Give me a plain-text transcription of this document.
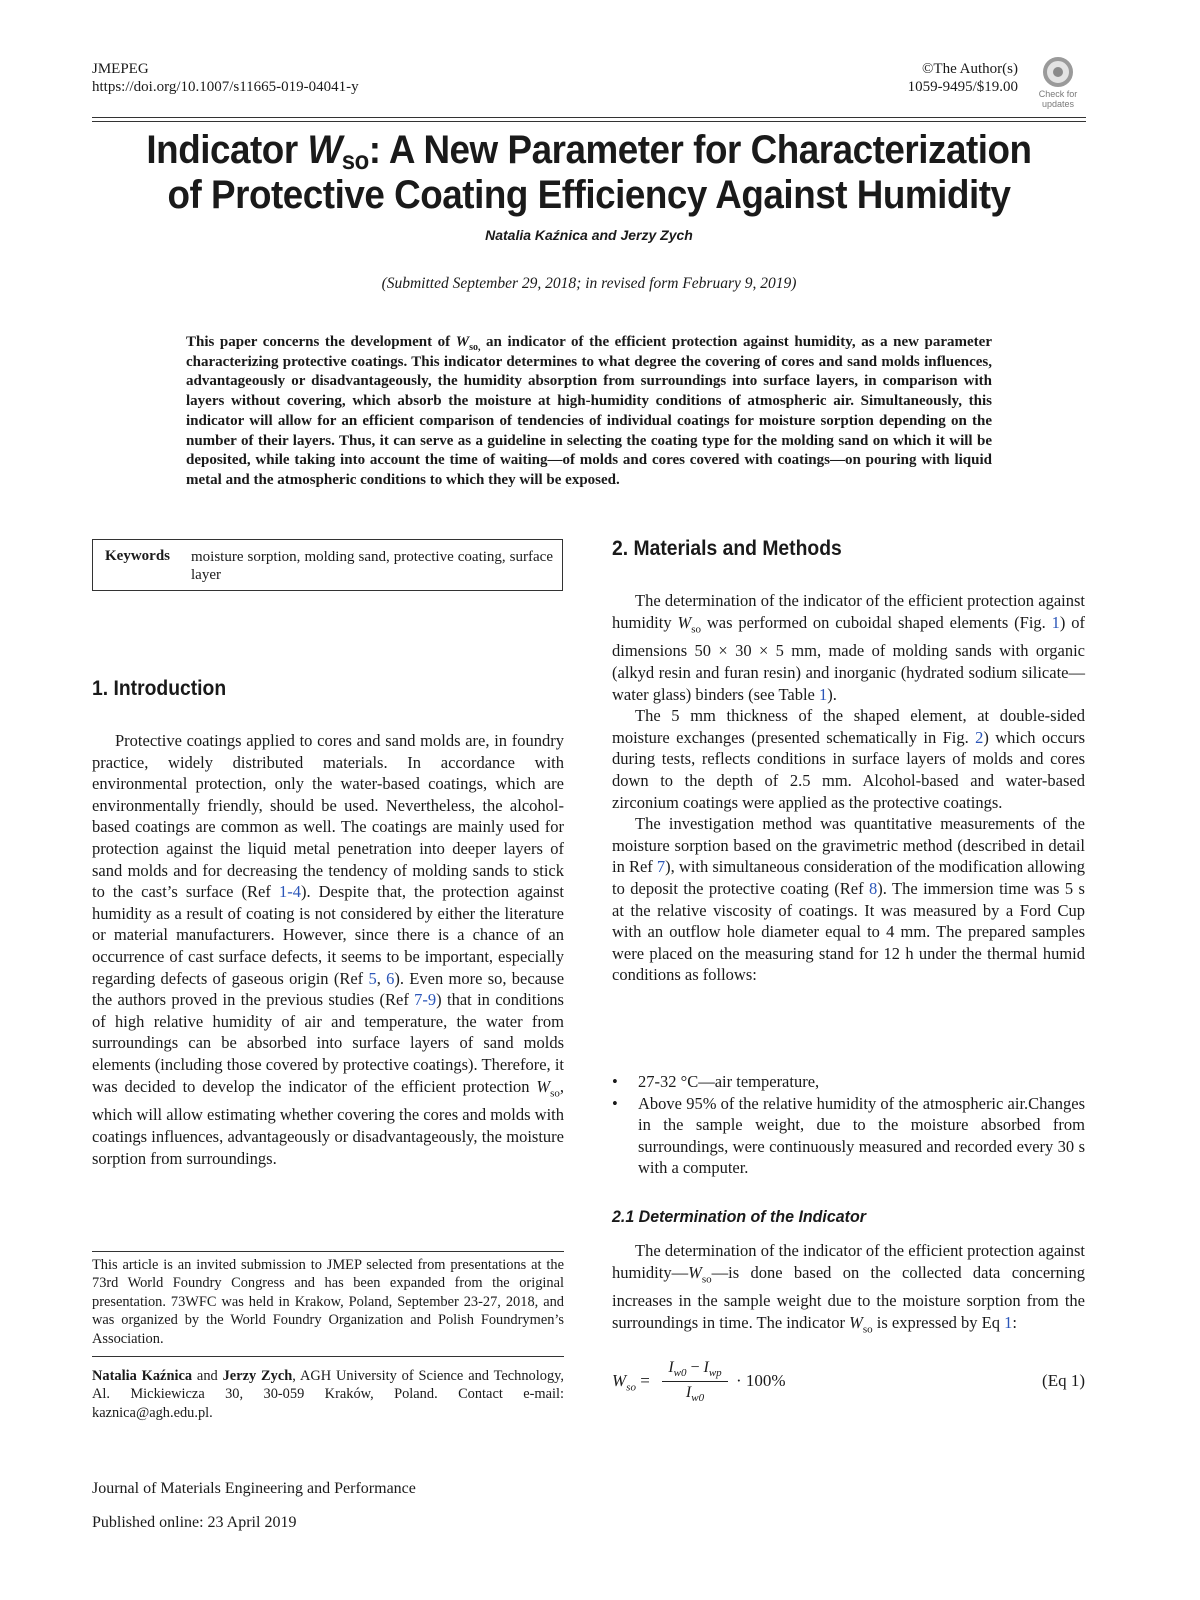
JMEPEG
https://doi.org/10.1007/s11665-019-04041-y
©The Author(s)
1059-9495/$19.00	Check for
updates
Indicator $W_{so}$: A New Parameter for Characterization
of Protective Coating Efficiency Against Humidity
Natalia Kaźnica and Jerzy Zych
(Submitted September 29, 2018; in revised form February 9, 2019)
This paper concerns the development of $W_{so,}$ an indicator of the efficient protection against humidity, as a new parameter characterizing protective coatings. This indicator determines to what degree the covering of cores and sand molds influences, advantageously or disadvantageously, the humidity absorption from surroundings into surface layers, in comparison with layers without covering, which absorb the moisture at high-humidity conditions of atmospheric air. Simultaneously, this indicator will allow for an efficient comparison of tendencies of individual coatings for moisture sorption depending on the number of their layers. Thus, it can serve as a guideline in selecting the coating type for the molding sand on which it will be deposited, while taking into account the time of waiting—of molds and cores covered with coatings—on pouring with liquid metal and the atmospheric conditions to which they will be exposed.
Keywords moisture sorption, molding sand, protective coating, surface layer
1. Introduction

Protective coatings applied to cores and sand molds are, in foundry practice, widely distributed materials. In accordance with environmental protection, only the water-based coatings, which are environmentally friendly, should be used. Nevertheless, the alcohol-based coatings are common as well. The coatings are mainly used for protection against the liquid metal penetration into deeper layers of sand molds and for decreasing the tendency of molding sands to stick to the cast’s surface (Ref 1-4). Despite that, the protection against humidity as a result of coating is not considered by either the literature or material manufacturers. However, since there is a chance of an occurrence of cast surface defects, it seems to be important, especially regarding defects of gaseous origin (Ref 5, 6). Even more so, because the authors proved in the previous studies (Ref 7-9) that in conditions of high relative humidity of air and temperature, the water from surroundings can be absorbed into surface layers of sand molds elements (including those covered by protective coatings). Therefore, it was decided to develop the indicator of the efficient protection $W_{so}$, which will allow estimating whether covering the cores and molds with coatings influences, advantageously or disadvantageously, the moisture sorption from surroundings.

This article is an invited submission to JMEP selected from presentations at the 73rd World Foundry Congress and has been expanded from the original presentation. 73WFC was held in Krakow, Poland, September 23-27, 2018, and was organized by the World Foundry Organization and Polish Foundrymen’s Association.
Natalia Kaźnica and Jerzy Zych, AGH University of Science and Technology, Al. Mickiewicza 30, 30-059 Kraków, Poland. Contact e-mail: kaznica@agh.edu.pl.
Journal of Materials Engineering and Performance
Published online: 23 April 2019
2. Materials and Methods

The determination of the indicator of the efficient protection against humidity $W_{so}$ was performed on cuboidal shaped elements (Fig. 1) of dimensions 50 × 30 × 5 mm, made of molding sands with organic (alkyd resin and furan resin) and inorganic (hydrated sodium silicate—water glass) binders (see Table 1).

The 5 mm thickness of the shaped element, at double-sided moisture exchanges (presented schematically in Fig. 2) which occurs during tests, reflects conditions in surface layers of molds and cores down to the depth of 2.5 mm. Alcohol-based and water-based zirconium coatings were applied as the protective coatings.

The investigation method was quantitative measurements of the moisture sorption based on the gravimetric method (described in detail in Ref 7), with simultaneous consideration of the modification allowing to deposit the protective coating (Ref 8). The immersion time was 5 s at the relative viscosity of coatings. It was measured by a Ford Cup with an outflow hole diameter equal to 4 mm. The prepared samples were placed on the measuring stand for 12 h under the thermal humid conditions as follows:

• 27-32 °C—air temperature,
• Above 95% of the relative humidity of the atmospheric air.Changes in the sample weight, due to the moisture absorbed from surroundings, were continuously measured and recorded every 30 s with a computer.
2.1 Determination of the Indicator

The determination of the indicator of the efficient protection against $humidity—W_{so}—is$ done based on the collected data concerning increases in the sample weight due to the moisture sorption from the surroundings in time. The indicator $W_{so}$ is expressed by Eq 1:

$W_{so}$ =
$I_{w0} - I_{wp}$
$I_{w0}$
· 100%	(Eq 1)
